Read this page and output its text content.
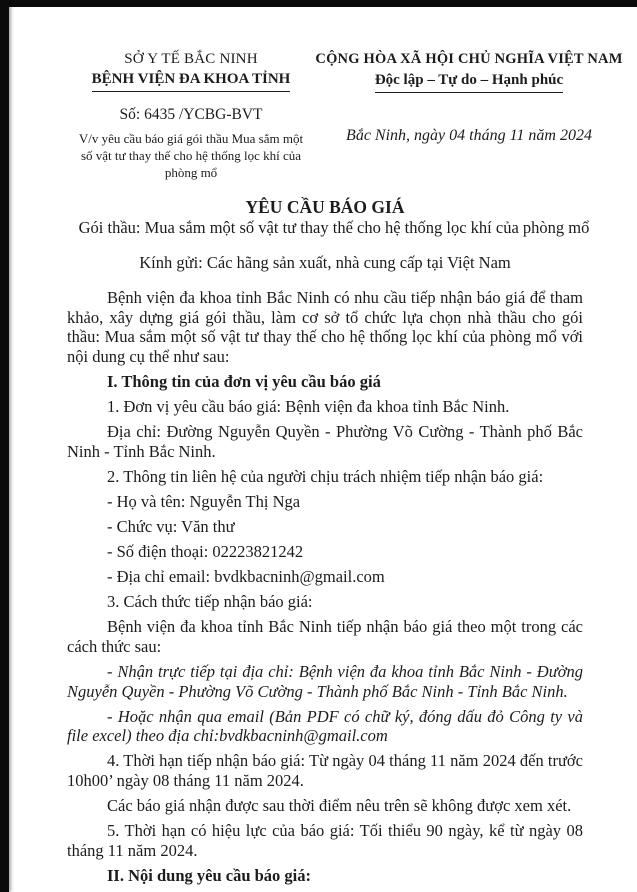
SỞ Y TẾ BẮC NINH
BỆNH VIỆN ĐA KHOA TỈNH
Số: 6435 /YCBG-BVT
V/v yêu cầu báo giá gói thầu Mua sắm một số vật tư thay thế cho hệ thống lọc khí của phòng mổ
CỘNG HÒA XÃ HỘI CHỦ NGHĨA VIỆT NAM
Độc lập – Tự do – Hạnh phúc
Bắc Ninh, ngày 04 tháng 11 năm 2024
YÊU CẦU BÁO GIÁ
Gói thầu: Mua sắm một số vật tư thay thế cho hệ thống lọc khí của phòng mổ
Kính gửi: Các hãng sản xuất, nhà cung cấp tại Việt Nam

Bệnh viện đa khoa tỉnh Bắc Ninh có nhu cầu tiếp nhận báo giá để tham khảo, xây dựng giá gói thầu, làm cơ sở tổ chức lựa chọn nhà thầu cho gói thầu: Mua sắm một số vật tư thay thế cho hệ thống lọc khí của phòng mổ với nội dung cụ thể như sau:

I. Thông tin của đơn vị yêu cầu báo giá

1. Đơn vị yêu cầu báo giá: Bệnh viện đa khoa tỉnh Bắc Ninh.

Địa chỉ: Đường Nguyễn Quyền - Phường Võ Cường - Thành phố Bắc Ninh - Tỉnh Bắc Ninh.

2. Thông tin liên hệ của người chịu trách nhiệm tiếp nhận báo giá:

- Họ và tên: Nguyễn Thị Nga

- Chức vụ: Văn thư

- Số điện thoại: 02223821242

- Địa chỉ email: bvdkbacninh@gmail.com

3. Cách thức tiếp nhận báo giá:

Bệnh viện đa khoa tỉnh Bắc Ninh tiếp nhận báo giá theo một trong các cách thức sau:

- Nhận trực tiếp tại địa chỉ: Bệnh viện đa khoa tỉnh Bắc Ninh - Đường Nguyễn Quyền - Phường Võ Cường - Thành phố Bắc Ninh - Tỉnh Bắc Ninh.

- Hoặc nhận qua email (Bản PDF có chữ ký, đóng dấu đỏ Công ty và file excel) theo địa chỉ:bvdkbacninh@gmail.com

4. Thời hạn tiếp nhận báo giá: Từ ngày 04 tháng 11 năm 2024 đến trước 10h00’ ngày 08 tháng 11 năm 2024.

Các báo giá nhận được sau thời điểm nêu trên sẽ không được xem xét.

5. Thời hạn có hiệu lực của báo giá: Tối thiểu 90 ngày, kể từ ngày 08 tháng 11 năm 2024.

II. Nội dung yêu cầu báo giá:
